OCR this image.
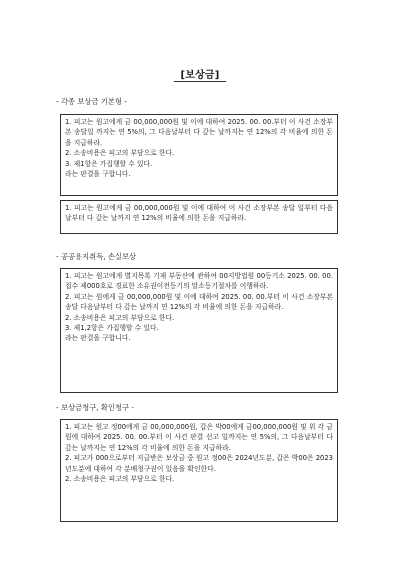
[보상금]
- 각종 보상금 기본형 -

1. 피고는 원고에게 금 00,000,000원 및 이에 대하여 2025. 00. 00.부터 이 사건 소장부본 송달일 까지는 연 5%의, 그 다음날부터 다 갚는 날까지는 연 12%의 각 비율에 의한 돈을 지급하라.

2. 소송비용은 피고의 부담으로 한다.

3. 제1항은 가집행할 수 있다.

라는 판결을 구합니다.

1. 피고는 원고에게 금 00,000,000원 및 이에 대하여 이 사건 소장부본 송달 일부터 다음날부터 다 갚는 날까지 연 12%의 비율에 의한 돈을 지급하라.

- 공공용지취득, 손실보상

1. 피고는 원고에게 별지목록 기재 부동산에 관하여 00지방법원 00등기소 2025. 00. 00. 접수 제000호로 경료한 소유권이전등기의 말소등기절차를 이행하라.

2. 피고는 원에게 금 00,000,000원 및 이에 대하여 2025. 00. 00.부터 이 사건 소장부본 송달 다음날부터 다 갚는 날까지 연 12%의 각 비율에 의한 돈을 지급하라.

2. 소송비용은 피고의 부담으로 한다.

3. 제1,2항은 가집행할 수 있다.

라는 판결을 구합니다.

- 보상금청구, 확인청구 -

1. 피고는 원고 정00에게 금 00,000,000원, 갑은 박00에게 금00,000,000원 및 위 각 금원에 대하여 2025. 00. 00.부터 이 사건 판결 선고 일까지는 연 5%의, 그 다음날부터 다 갚는 날까지는 연 12%의 각 비율에 의한 돈을 지급하라.

2. 피고가 000으로부터 지급받은 보상금 중 원고 정00은 2024년도분, 갑은 박00은 2023년도분에 대하여 각 분배청구권이 있음을 확인한다.

2. 소송비용은 피고의 부담으로 한다.
